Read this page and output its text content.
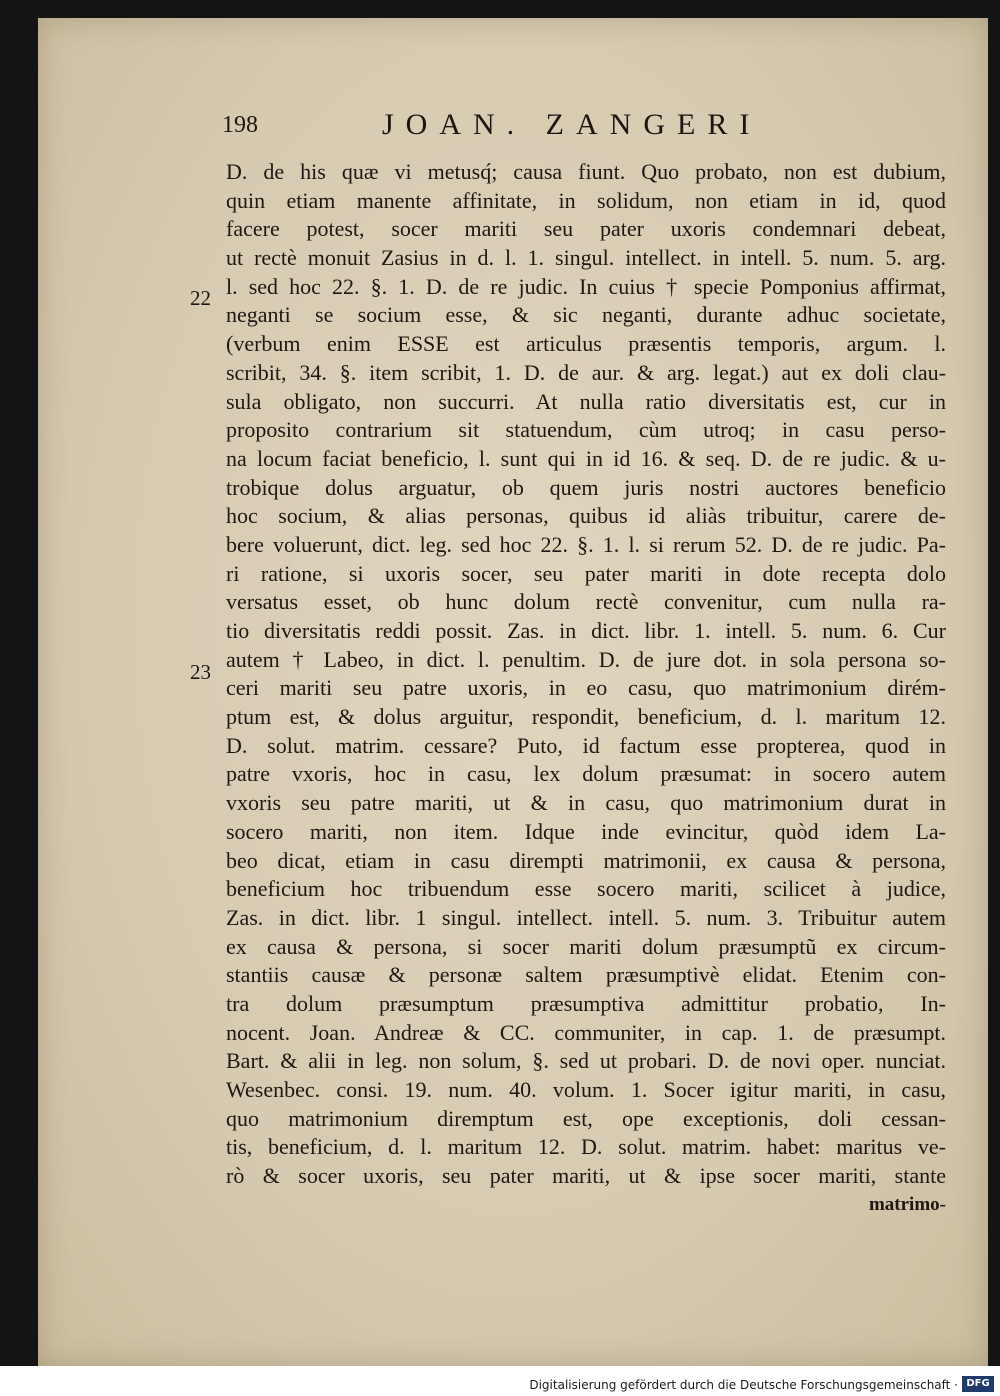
198	JOAN. ZANGERI
22
23
D. de his quæ vi metusq́; causa fiunt. Quo probato, non est dubium,
quin etiam manente affinitate, in solidum, non etiam in id, quod
facere potest, socer mariti seu pater uxoris condemnari debeat,
ut rectè monuit Zasius in d. l. 1. singul. intellect. in intell. 5. num. 5. arg.
l. sed hoc 22. §. 1. D. de re judic. In cuius † specie Pomponius affirmat,
neganti se socium esse, & sic neganti, durante adhuc societate,
(verbum enim ESSE est articulus præsentis temporis, argum. l.
scribit, 34. §. item scribit, 1. D. de aur. & arg. legat.) aut ex doli clau-
sula obligato, non succurri. At nulla ratio diversitatis est, cur in
proposito contrarium sit statuendum, cùm utroq; in casu perso-
na locum faciat beneficio, l. sunt qui in id 16. & seq. D. de re judic. & u-
trobique dolus arguatur, ob quem juris nostri auctores beneficio
hoc socium, & alias personas, quibus id aliàs tribuitur, carere de-
bere voluerunt, dict. leg. sed hoc 22. §. 1. l. si rerum 52. D. de re judic. Pa-
ri ratione, si uxoris socer, seu pater mariti in dote recepta dolo
versatus esset, ob hunc dolum rectè convenitur, cum nulla ra-
tio diversitatis reddi possit. Zas. in dict. libr. 1. intell. 5. num. 6. Cur
autem † Labeo, in dict. l. penultim. D. de jure dot. in sola persona so-
ceri mariti seu patre uxoris, in eo casu, quo matrimonium dirém-
ptum est, & dolus arguitur, respondit, beneficium, d. l. maritum 12.
D. solut. matrim. cessare? Puto, id factum esse propterea, quod in
patre vxoris, hoc in casu, lex dolum præsumat: in socero autem
vxoris seu patre mariti, ut & in casu, quo matrimonium durat in
socero mariti, non item. Idque inde evincitur, quòd idem La-
beo dicat, etiam in casu dirempti matrimonii, ex causa & persona,
beneficium hoc tribuendum esse socero mariti, scilicet à judice,
Zas. in dict. libr. 1 singul. intellect. intell. 5. num. 3. Tribuitur autem
ex causa & persona, si socer mariti dolum præsumptũ ex circum-
stantiis causæ & personæ saltem præsumptivè elidat. Etenim con-
tra dolum præsumptum præsumptiva admittitur probatio, In-
nocent. Joan. Andreæ & CC. communiter, in cap. 1. de præsumpt.
Bart. & alii in leg. non solum, §. sed ut probari. D. de novi oper. nunciat.
Wesenbec. consi. 19. num. 40. volum. 1. Socer igitur mariti, in casu,
quo matrimonium diremptum est, ope exceptionis, doli cessan-
tis, beneficium, d. l. maritum 12. D. solut. matrim. habet: maritus ve-
rò & socer uxoris, seu pater mariti, ut & ipse socer mariti, stante
matrimo-
Digitalisierung gefördert durch die Deutsche Forschungsgemeinschaft · DFG
